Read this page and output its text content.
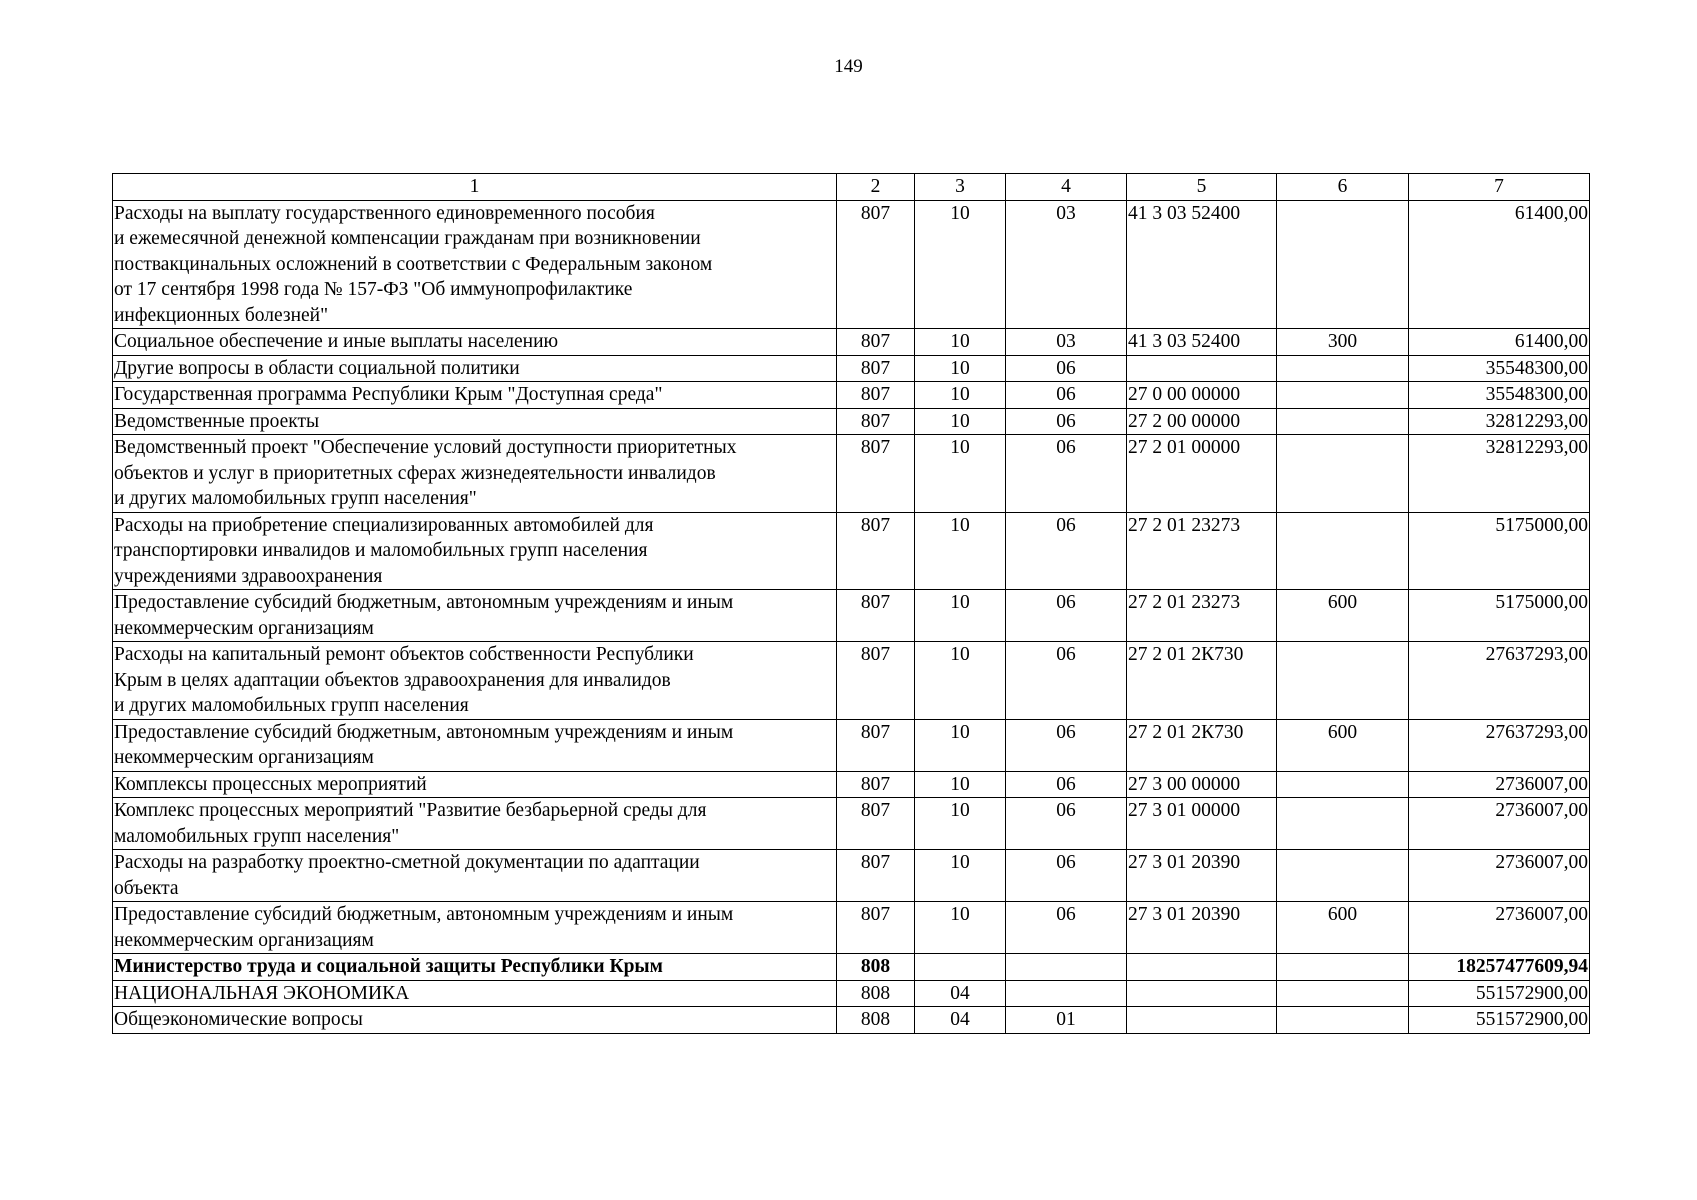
149
1	2	3	4	5	6	7
Расходы на выплату государственного единовременного пособия
и ежемесячной денежной компенсации гражданам при возникновении
поствакцинальных осложнений в соответствии с Федеральным законом
от 17 сентября 1998 года № 157-ФЗ "Об иммунопрофилактике
инфекционных болезней"	807	10	03	41 3 03 52400		61400,00
Социальное обеспечение и иные выплаты населению	807	10	03	41 3 03 52400	300	61400,00
Другие вопросы в области социальной политики	807	10	06			35548300,00
Государственная программа Республики Крым "Доступная среда"	807	10	06	27 0 00 00000		35548300,00
Ведомственные проекты	807	10	06	27 2 00 00000		32812293,00
Ведомственный проект "Обеспечение условий доступности приоритетных
объектов и услуг в приоритетных сферах жизнедеятельности инвалидов
и других маломобильных групп населения"	807	10	06	27 2 01 00000		32812293,00
Расходы на приобретение специализированных автомобилей для
транспортировки инвалидов и маломобильных групп населения
учреждениями здравоохранения	807	10	06	27 2 01 23273		5175000,00
Предоставление субсидий бюджетным, автономным учреждениям и иным
некоммерческим организациям	807	10	06	27 2 01 23273	600	5175000,00
Расходы на капитальный ремонт объектов собственности Республики
Крым в целях адаптации объектов здравоохранения для инвалидов
и других маломобильных групп населения	807	10	06	27 2 01 2К730		27637293,00
Предоставление субсидий бюджетным, автономным учреждениям и иным
некоммерческим организациям	807	10	06	27 2 01 2К730	600	27637293,00
Комплексы процессных мероприятий	807	10	06	27 3 00 00000		2736007,00
Комплекс процессных мероприятий "Развитие безбарьерной среды для
маломобильных групп населения"	807	10	06	27 3 01 00000		2736007,00
Расходы на разработку проектно-сметной документации по адаптации
объекта	807	10	06	27 3 01 20390		2736007,00
Предоставление субсидий бюджетным, автономным учреждениям и иным
некоммерческим организациям	807	10	06	27 3 01 20390	600	2736007,00
Министерство труда и социальной защиты Республики Крым	808					18257477609,94
НАЦИОНАЛЬНАЯ ЭКОНОМИКА	808	04				551572900,00
Общеэкономические вопросы	808	04	01			551572900,00
